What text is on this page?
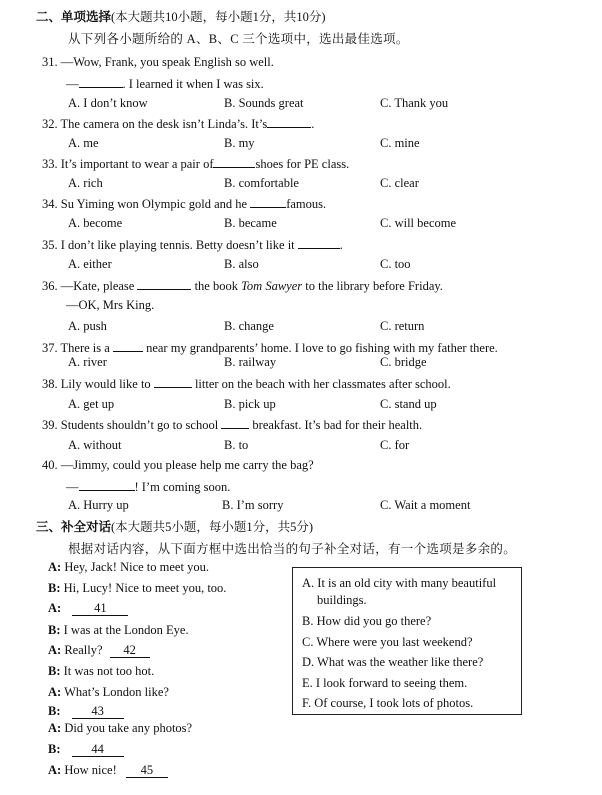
二、单项选择(本大题共10小题，每小题1分，共10分)
从下列各小题所给的 A、B、C 三个选项中，选出最佳选项。
31. —Wow, Frank, you speak English so well.
—	. I learned it when I was six.
A. I don’t know	B. Sounds great	C. Thank you
32. The camera on the desk isn’t Linda’s. It’s	.
A. me	B. my	C. mine
33. It’s important to wear a pair of	shoes for PE class.
A. rich	B. comfortable	C. clear
34. Su Yiming won Olympic gold and he	famous.
A. become	B. became	C. will become
35. I don’t like playing tennis. Betty doesn’t like it	.
A. either	B. also	C. too
36. —Kate, please	the book Tom Sawyer to the library before Friday.
—OK, Mrs King.
A. push	B. change	C. return
37. There is a	near my grandparents’ home. I love to go fishing with my father there.
A. river	B. railway	C. bridge
38. Lily would like to	litter on the beach with her classmates after school.
A. get up	B. pick up	C. stand up
39. Students shouldn’t go to school	breakfast. It’s bad for their health.
A. without	B. to	C. for
40. —Jimmy, could you please help me carry the bag?
—	! I’m coming soon.
A. Hurry up	B. I’m sorry	C. Wait a moment
三、补全对话(本大题共5小题，每小题1分，共5分)
根据对话内容，从下面方框中选出恰当的句子补全对话，有一个选项是多余的。
A: Hey, Jack! Nice to meet you.
B: Hi, Lucy! Nice to meet you, too.
A:	41
B: I was at the London Eye.
A: Really? 42
B: It was not too hot.
A: What’s London like?
B: 43
A: Did you take any photos?
B: 44
A: How nice! 45
A. It is an old city with many beautiful
buildings.
B. How did you go there?
C. Where were you last weekend?
D. What was the weather like there?
E. I look forward to seeing them.
F. Of course, I took lots of photos.
